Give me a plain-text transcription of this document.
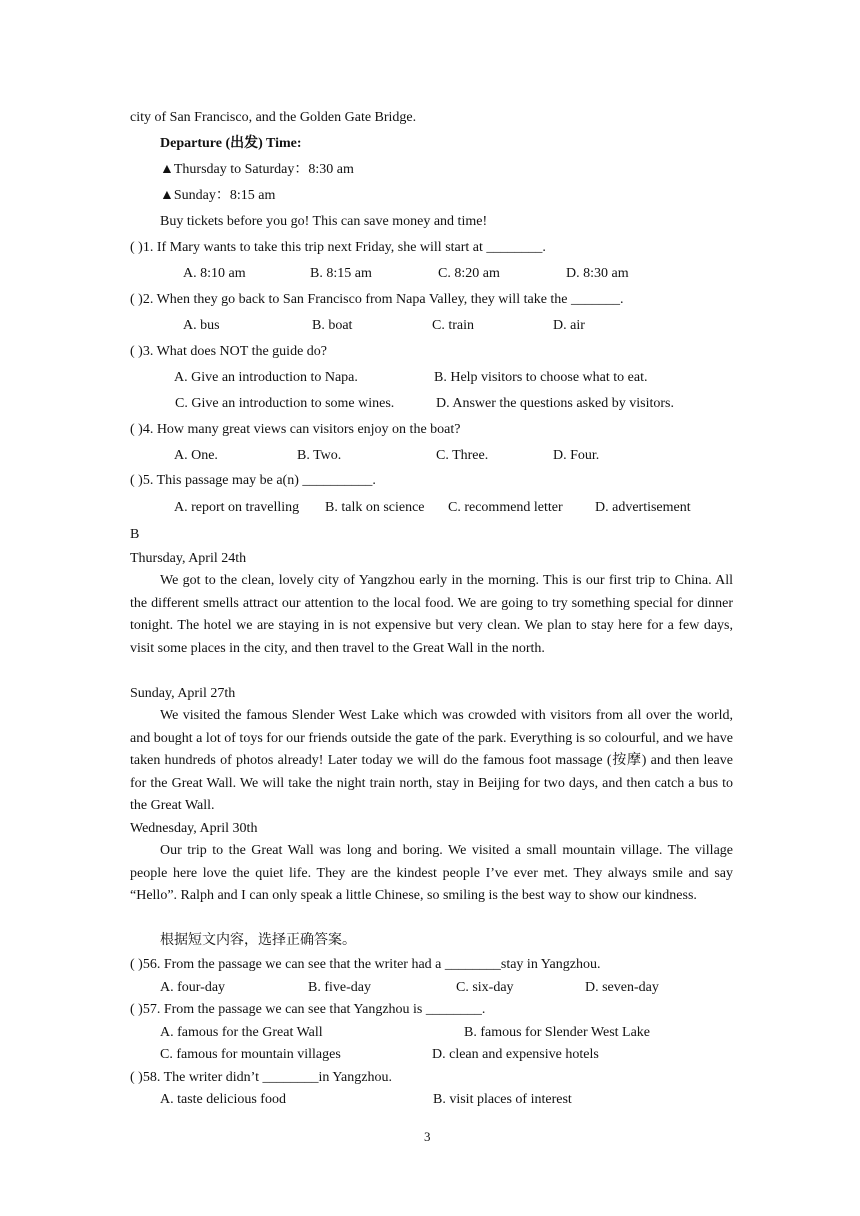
city of San Francisco, and the Golden Gate Bridge.
Departure (出发) Time:
▲Thursday to Saturday：8:30 am
▲Sunday：8:15 am
Buy tickets before you go! This can save money and time!
( )1. If Mary wants to take this trip next Friday, she will start at ________.
A. 8:10 am	B. 8:15 am	C. 8:20 am	D. 8:30 am
( )2. When they go back to San Francisco from Napa Valley, they will take the _______.
A. bus	B. boat	C. train	D. air
( )3. What does NOT the guide do?
A. Give an introduction to Napa.	B. Help visitors to choose what to eat.
C. Give an introduction to some wines.	D. Answer the questions asked by visitors.
( )4. How many great views can visitors enjoy on the boat?
A. One.	B. Two.	C. Three.	D. Four.
( )5. This passage may be a(n) __________.
A. report on travelling B. talk on science C. recommend letter D. advertisement
B
Thursday, April 24th
We got to the clean, lovely city of Yangzhou early in the morning. This is our first trip to China. All the different smells attract our attention to the local food. We are going to try something special for dinner tonight. The hotel we are staying in is not expensive but very clean. We plan to stay here for a few days, visit some places in the city, and then travel to the Great Wall in the north.
Sunday, April 27th
We visited the famous Slender West Lake which was crowded with visitors from all over the world, and bought a lot of toys for our friends outside the gate of the park. Everything is so colourful, and we have taken hundreds of photos already! Later today we will do the famous foot massage (按摩) and then leave for the Great Wall. We will take the night train north, stay in Beijing for two days, and then catch a bus to the Great Wall.
Wednesday, April 30th
Our trip to the Great Wall was long and boring. We visited a small mountain village. The village people here love the quiet life. They are the kindest people I’ve ever met. They always smile and say “Hello”. Ralph and I can only speak a little Chinese, so smiling is the best way to show our kindness.
根据短文内容，选择正确答案。
( )56. From the passage we can see that the writer had a ________stay in Yangzhou.
A. four-day	B. five-day	C. six-day	D. seven-day
( )57. From the passage we can see that Yangzhou is ________.
A. famous for the Great Wall	B. famous for Slender West Lake
C. famous for mountain villages	D. clean and expensive hotels
( )58. The writer didn’t ________in Yangzhou.
A. taste delicious food	B. visit places of interest
3
